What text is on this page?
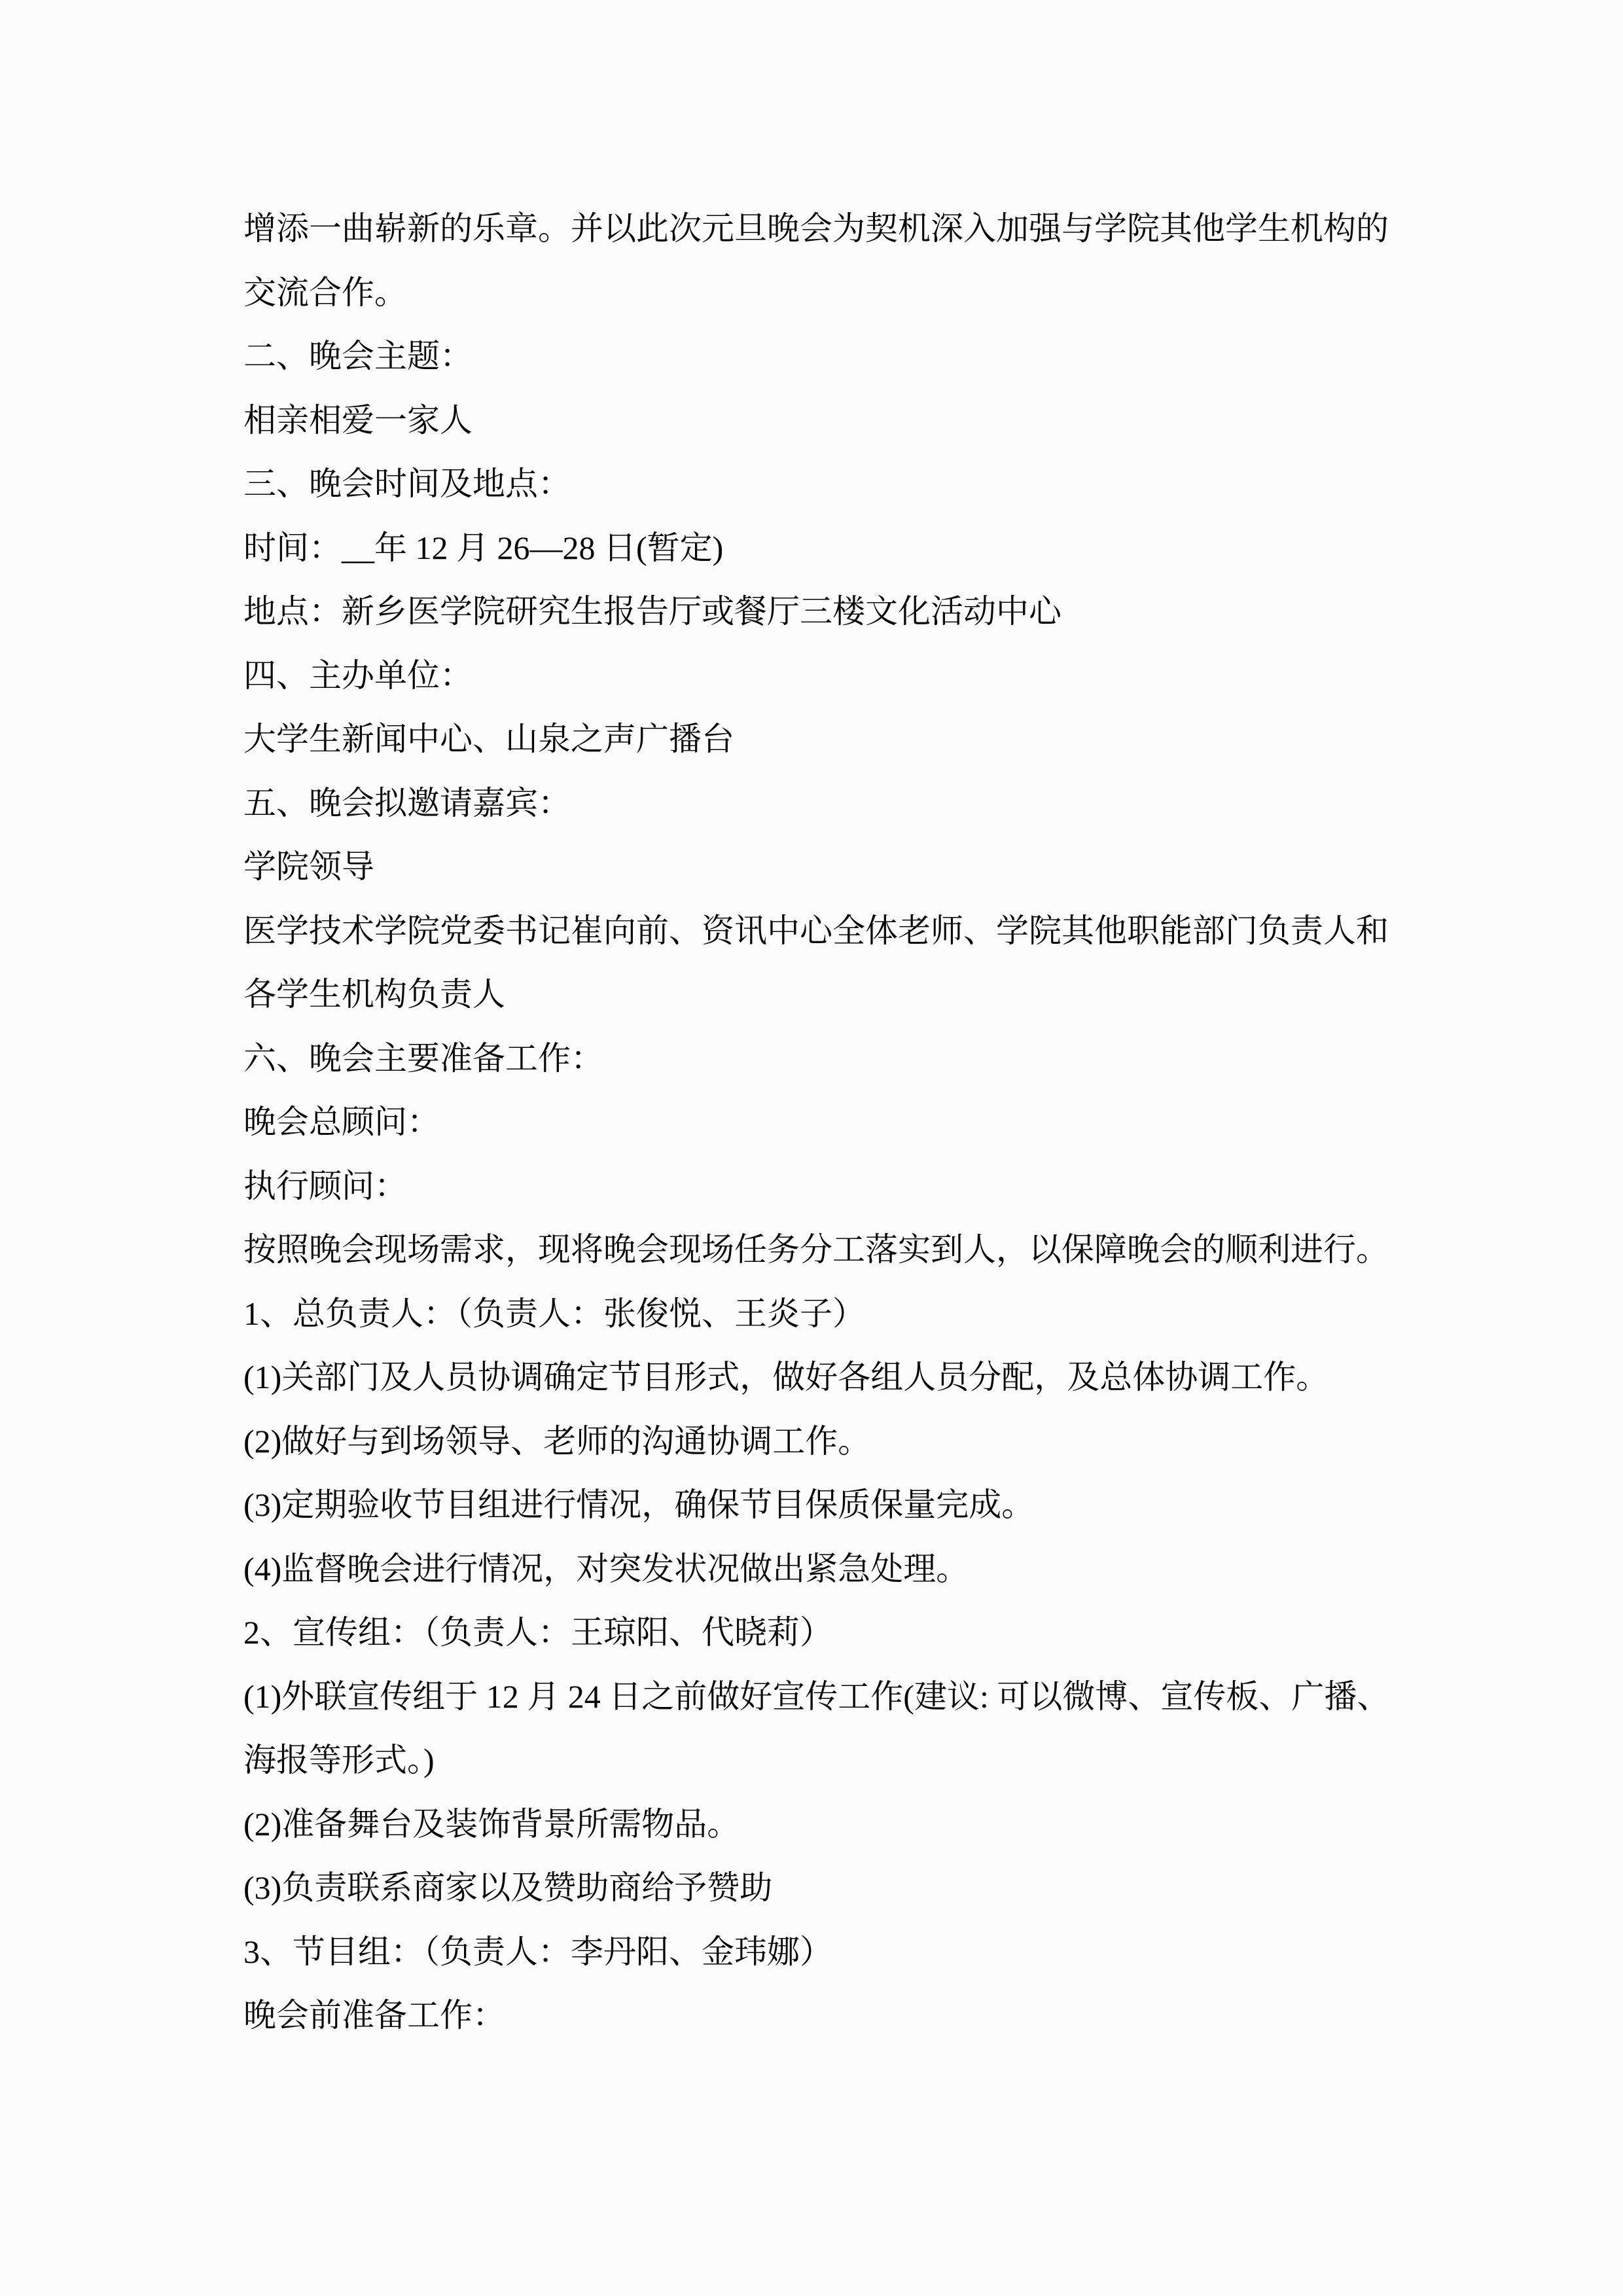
增添一曲崭新的乐章。并以此次元旦晚会为契机深入加强与学院其他学生机构的
交流合作。
二、晚会主题：
相亲相爱一家人
三、晚会时间及地点：
时间：__年 12 月 26—28 日(暂定)
地点：新乡医学院研究生报告厅或餐厅三楼文化活动中心
四、主办单位：
大学生新闻中心、山泉之声广播台
五、晚会拟邀请嘉宾：
学院领导
医学技术学院党委书记崔向前、资讯中心全体老师、学院其他职能部门负责人和
各学生机构负责人
六、晚会主要准备工作：
晚会总顾问：
执行顾问：
按照晚会现场需求，现将晚会现场任务分工落实到人，以保障晚会的顺利进行。
1、总负责人：（负责人：张俊悦、王炎子）
(1)关部门及人员协调确定节目形式，做好各组人员分配，及总体协调工作。
(2)做好与到场领导、老师的沟通协调工作。
(3)定期验收节目组进行情况，确保节目保质保量完成。
(4)监督晚会进行情况，对突发状况做出紧急处理。
2、宣传组：（负责人：王琼阳、代晓莉）
(1)外联宣传组于 12 月 24 日之前做好宣传工作(建议: 可以微博、宣传板、广播、
海报等形式。)
(2)准备舞台及装饰背景所需物品。
(3)负责联系商家以及赞助商给予赞助
3、节目组：（负责人：李丹阳、金玮娜）
晚会前准备工作：
